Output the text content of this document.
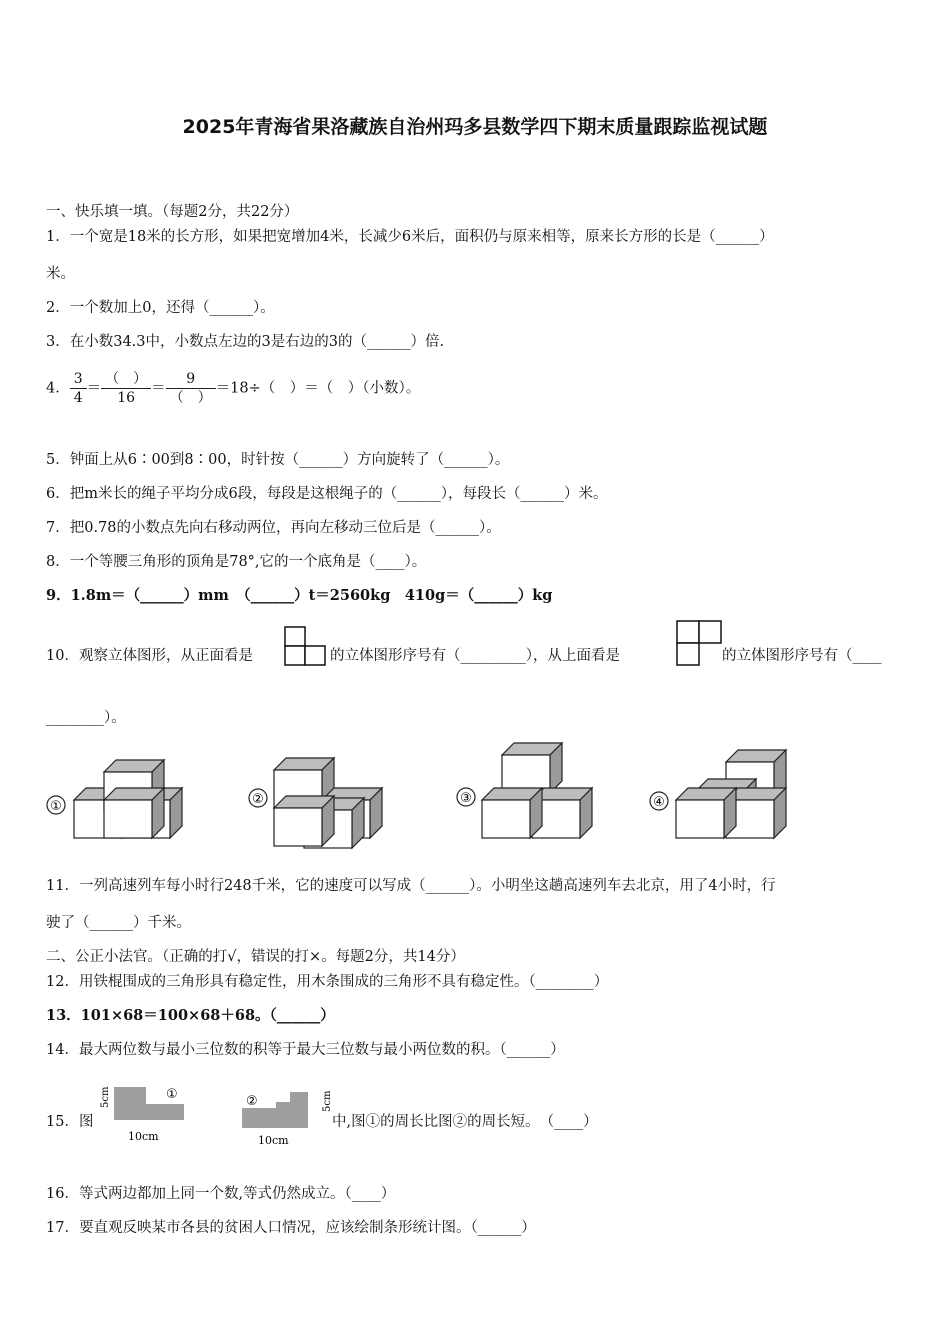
2025年青海省果洛藏族自治州玛多县数学四下期末质量跟踪监视试题
一、快乐填一填。（每题2分，共22分）
1．一个宽是18米的长方形，如果把宽增加4米，长减少6米后，面积仍与原来相等，原来长方形的长是（______）
米。
2．一个数加上0，还得（______）。
3．在小数34.3中，小数点左边的3是右边的3的（______）倍.
4． $\frac{3}{4} = \frac{( )}{16} = \frac{9}{( )} =18\div$（　）＝（　）（小数）。
5．钟面上从6∶00到8∶00，时针按（______）方向旋转了（______）。
6．把m米长的绳子平均分成6段，每段是这根绳子的（______），每段长（______）米。
7．把0.78的小数点先向右移动两位，再向左移动三位后是（______）。
8．一个等腰三角形的顶角是78°,它的一个底角是（____）。
9．1.8m＝（______）mm　（______）t＝2560kg　410g＝（______）kg
10．观察立体图形，从正面看是	的立体图形序号有（_________），从上面看是	的立体图形序号有（____
________）。
①	②	③	④
11．一列高速列车每小时行248千米，它的速度可以写成（______）。小明坐这趟高速列车去北京，用了4小时，行
驶了（______）千米。
二、公正小法官。（正确的打√，错误的打×。每题2分，共14分）
12．用铁棍围成的三角形具有稳定性，用木条围成的三角形不具有稳定性。（________）
13．101×68＝100×68＋68。（______）
14．最大两位数与最小三位数的积等于最大三位数与最小两位数的积。（______）
15．图
5cm	①
10cm
②	5cm
10cm
中,图①的周长比图②的周长短。　（____）
16．等式两边都加上同一个数,等式仍然成立。（____）
17．要直观反映某市各县的贫困人口情况，应该绘制条形统计图。（______）
